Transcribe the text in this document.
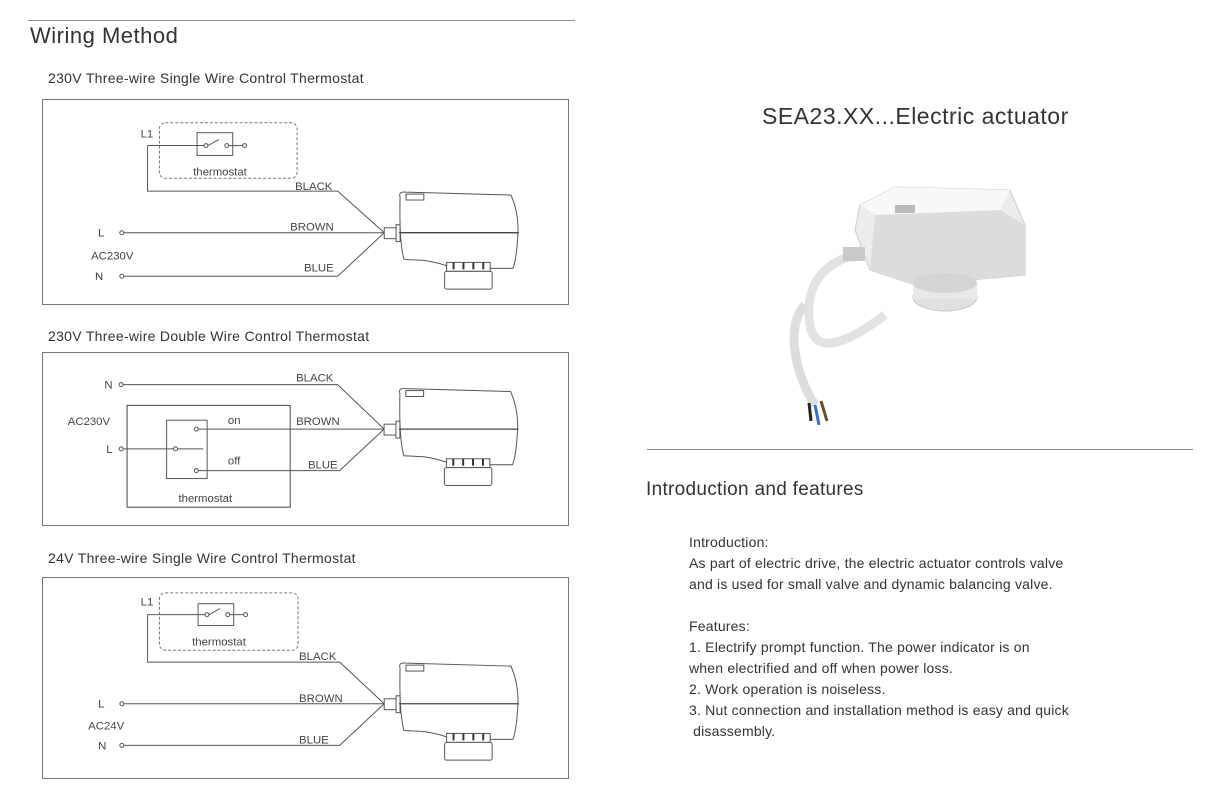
Wiring Method
230V Three-wire Single Wire Control Thermostat
230V Three-wire Double Wire Control Thermostat
24V Three-wire Single Wire Control Thermostat
L1
thermostat
BLACK
BROWN
BLUE
L
AC230V
N
N
AC230V
L
on
off
thermostat
BLACK
BROWN
BLUE
L1
thermostat
BLACK
BROWN
BLUE
L
AC24V
N
SEA23.XX...Electric actuator
Introduction and features

Introduction:

As part of electric drive, the electric actuator controls valve

and is used for small valve and dynamic balancing valve.

Features:

1. Electrify prompt function. The power indicator is on

when electrified and off when power loss.

2. Work operation is noiseless.

3. Nut connection and installation method is easy and quick

disassembly.
